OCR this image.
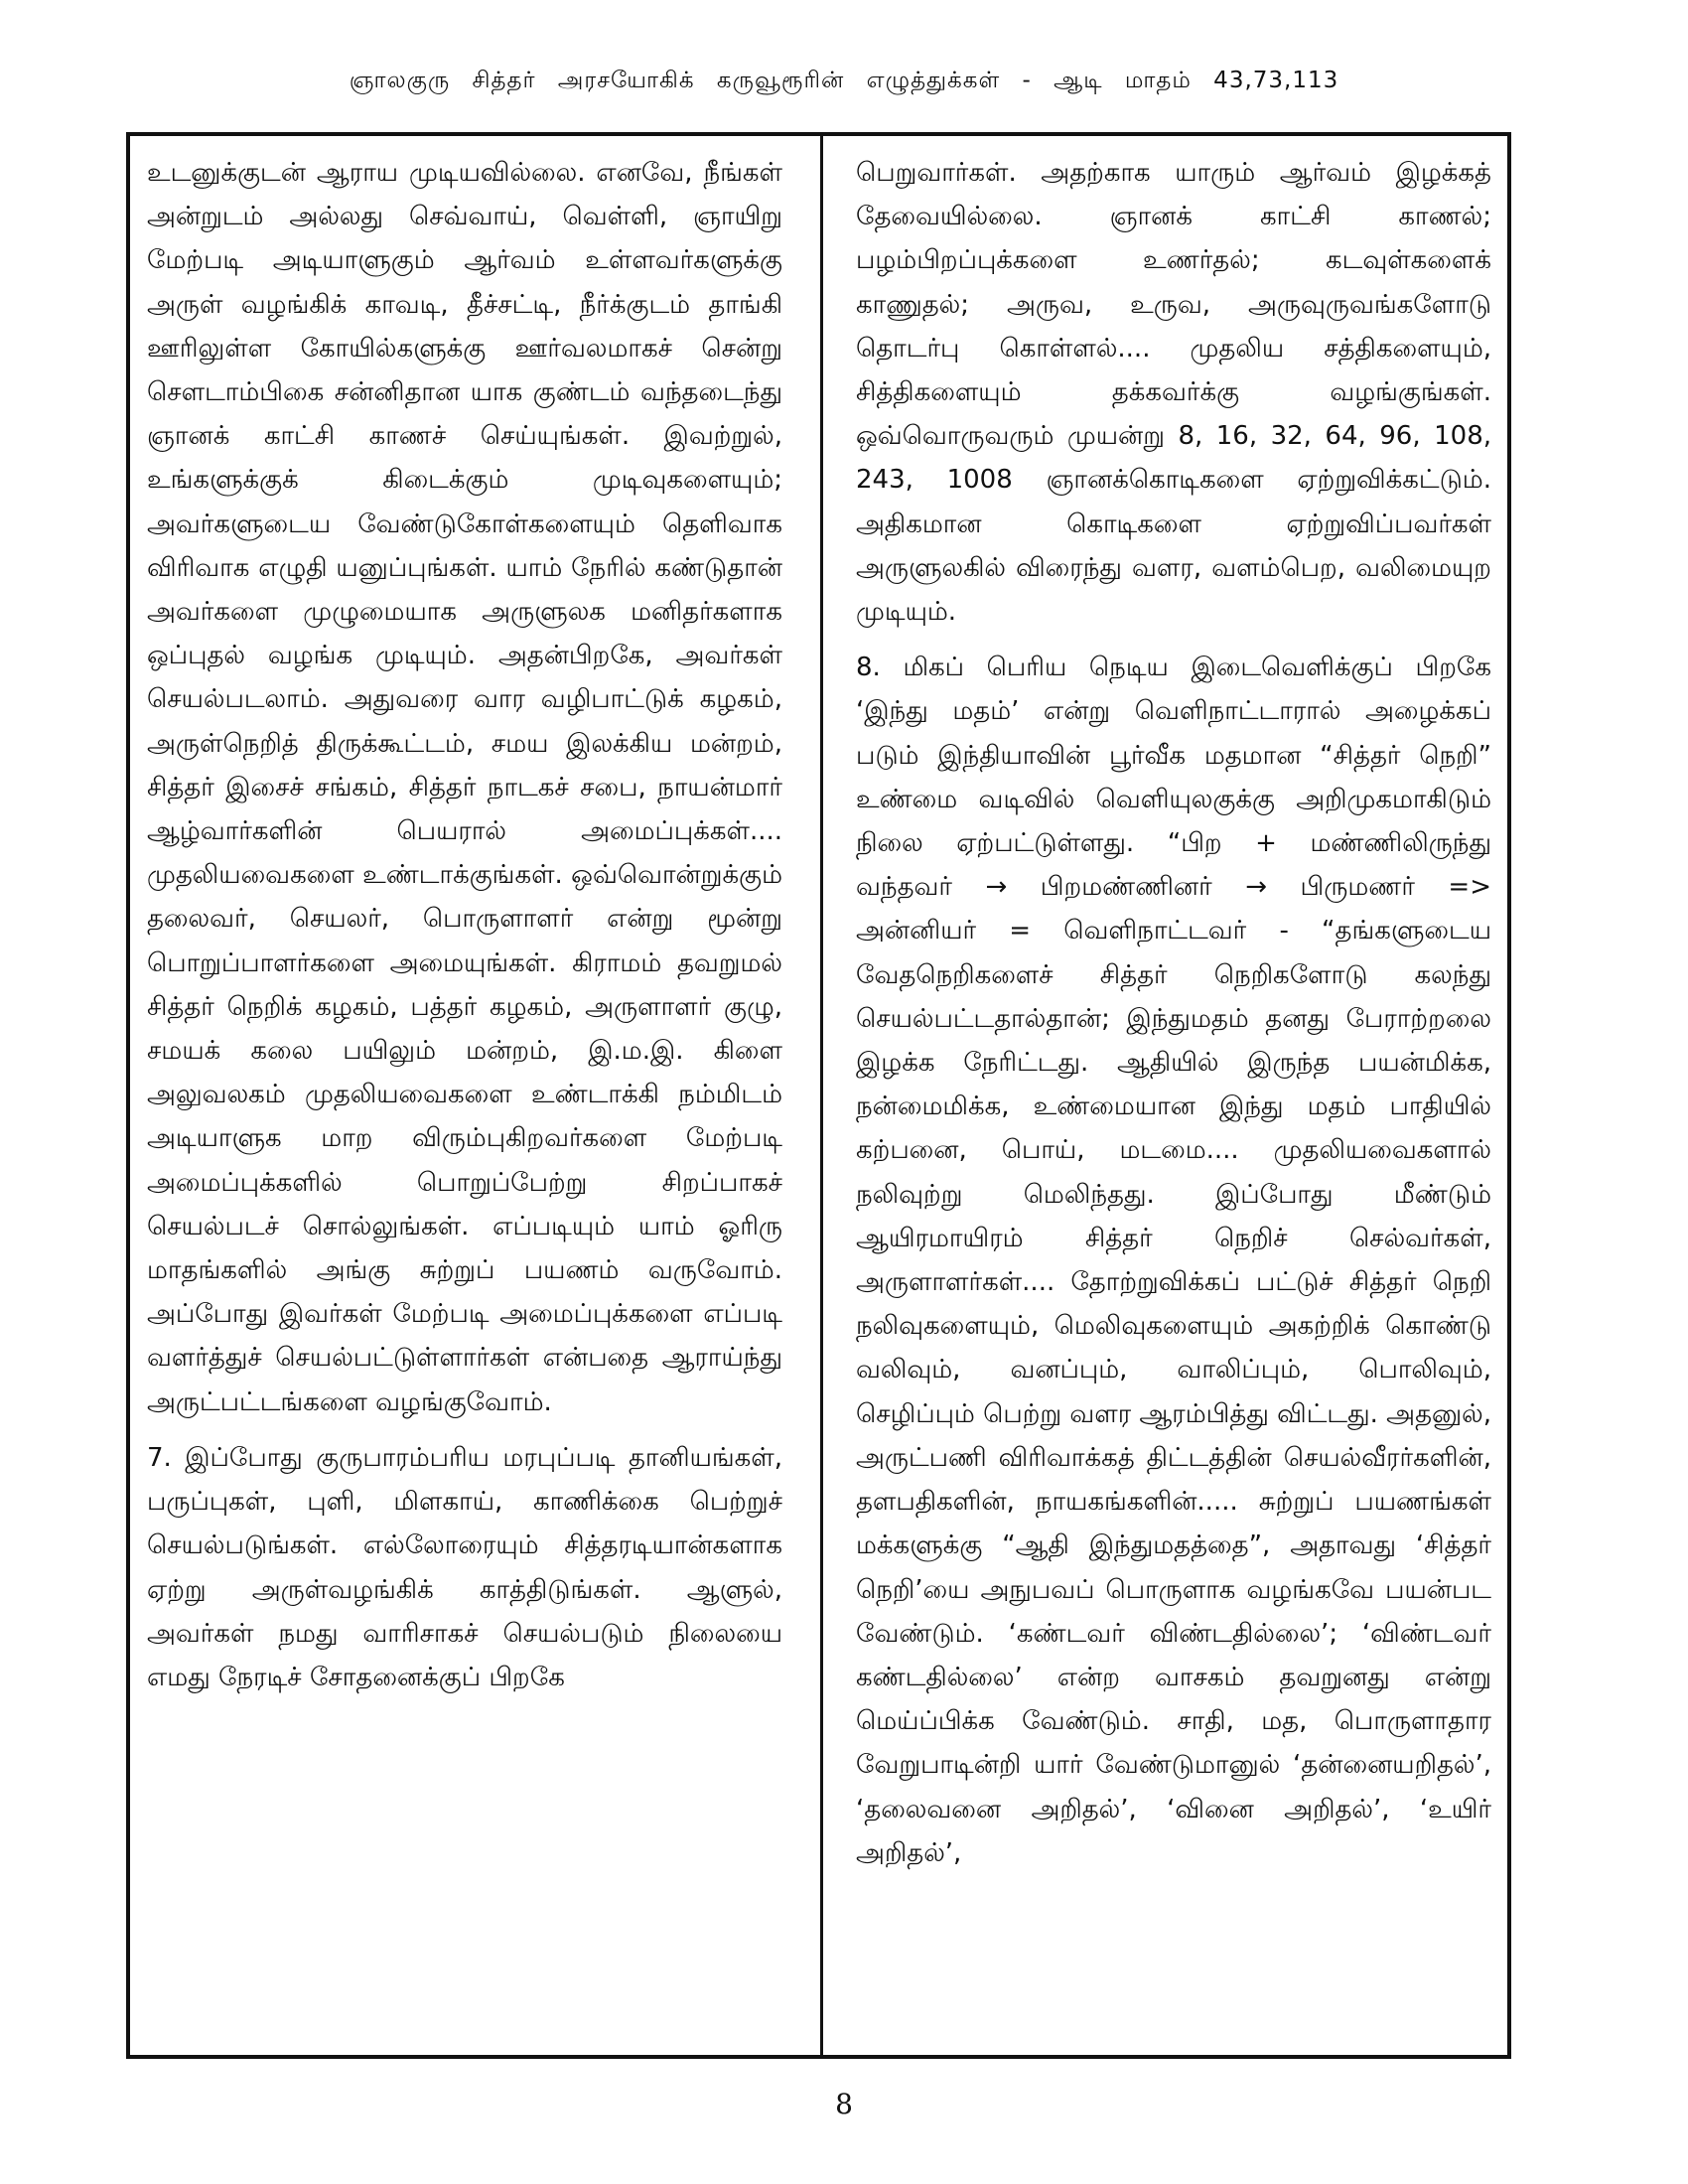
ஞாலகுரு சித்தர் அரசயோகிக் கருவூரூரின் எழுத்துக்கள் - ஆடி மாதம் 43,73,113

உடனுக்குடன் ஆராய முடியவில்லை. எனவே, நீங்கள் அன்றுடம் அல்லது செவ்வாய், வெள்ளி, ஞாயிறு மேற்படி அடியாளுகும் ஆர்வம் உள்ளவர்களுக்கு அருள் வழங்கிக் காவடி, தீச்சட்டி, நீர்க்குடம் தாங்கி ஊரிலுள்ள கோயில்களுக்கு ஊர்வலமாகச் சென்று சௌடாம்பிகை சன்னிதான யாக குண்டம் வந்தடைந்து ஞானக் காட்சி காணச் செய்யுங்கள். இவற்றுல், உங்களுக்குக் கிடைக்கும் முடிவுகளையும்; அவர்களுடைய வேண்டுகோள்களையும் தெளிவாக விரிவாக எழுதி யனுப்புங்கள். யாம் நேரில் கண்டுதான் அவர்களை முழுமையாக அருளுலக மனிதர்களாக ஒப்புதல் வழங்க முடியும். அதன்பிறகே, அவர்கள் செயல்படலாம். அதுவரை வார வழிபாட்டுக் கழகம், அருள்நெறித் திருக்கூட்டம், சமய இலக்கிய மன்றம், சித்தர் இசைச் சங்கம், சித்தர் நாடகச் சபை, நாயன்மார் ஆழ்வார்களின் பெயரால் அமைப்புக்கள்.... முதலியவைகளை உண்டாக்குங்கள். ஒவ்வொன்றுக்கும் தலைவர், செயலர், பொருளாளர் என்று மூன்று பொறுப்பாளர்களை அமையுங்கள். கிராமம் தவறுமல் சித்தர் நெறிக் கழகம், பத்தர் கழகம், அருளாளர் குழு, சமயக் கலை பயிலும் மன்றம், இ.ம.இ. கிளை அலுவலகம் முதலியவைகளை உண்டாக்கி நம்மிடம் அடியாளுக மாற விரும்புகிறவர்களை மேற்படி அமைப்புக்களில் பொறுப்பேற்று சிறப்பாகச் செயல்படச் சொல்லுங்கள். எப்படியும் யாம் ஓரிரு மாதங்களில் அங்கு சுற்றுப் பயணம் வருவோம். அப்போது இவர்கள் மேற்படி அமைப்புக்களை எப்படி வளர்த்துச் செயல்பட்டுள்ளார்கள் என்பதை ஆராய்ந்து அருட்பட்டங்களை வழங்குவோம்.

7. இப்போது குருபாரம்பரிய மரபுப்படி தானியங்கள், பருப்புகள், புளி, மிளகாய், காணிக்கை பெற்றுச் செயல்படுங்கள். எல்லோரையும் சித்தரடியான்களாக ஏற்று அருள்வழங்கிக் காத்திடுங்கள். ஆளுல், அவர்கள் நமது வாரிசாகச் செயல்படும் நிலையை எமது நேரடிச் சோதனைக்குப் பிறகே

பெறுவார்கள். அதற்காக யாரும் ஆர்வம் இழக்கத் தேவையில்லை. ஞானக் காட்சி காணல்; பழம்பிறப்புக்களை உணர்தல்; கடவுள்களைக் காணுதல்; அருவ, உருவ, அருவுருவங்களோடு தொடர்பு கொள்ளல்.... முதலிய சத்திகளையும், சித்திகளையும் தக்கவர்க்கு வழங்குங்கள். ஒவ்வொருவரும் முயன்று 8, 16, 32, 64, 96, 108, 243, 1008 ஞானக்கொடிகளை ஏற்றுவிக்கட்டும். அதிகமான கொடிகளை ஏற்றுவிப்பவர்கள் அருளுலகில் விரைந்து வளர, வளம்பெற, வலிமையுற முடியும்.

8. மிகப் பெரிய நெடிய இடைவெளிக்குப் பிறகே ‘இந்து மதம்’ என்று வெளிநாட்டாரால் அழைக்கப் படும் இந்தியாவின் பூர்வீக மதமான “சித்தர் நெறி” உண்மை வடிவில் வெளியுலகுக்கு அறிமுகமாகிடும் நிலை ஏற்பட்டுள்ளது. “பிற + மண்ணிலிருந்து வந்தவர் → பிறமண்ணினர் → பிருமணர் => அன்னியர் = வெளிநாட்டவர் - “தங்களுடைய வேதநெறிகளைச் சித்தர் நெறிகளோடு கலந்து செயல்பட்டதால்தான்; இந்துமதம் தனது பேராற்றலை இழக்க நேரிட்டது. ஆதியில் இருந்த பயன்மிக்க, நன்மைமிக்க, உண்மையான இந்து மதம் பாதியில் கற்பனை, பொய், மடமை.... முதலியவைகளால் நலிவுற்று மெலிந்தது. இப்போது மீண்டும் ஆயிரமாயிரம் சித்தர் நெறிச் செல்வர்கள், அருளாளர்கள்.... தோற்றுவிக்கப் பட்டுச் சித்தர் நெறி நலிவுகளையும், மெலிவுகளையும் அகற்றிக் கொண்டு வலிவும், வனப்பும், வாலிப்பும், பொலிவும், செழிப்பும் பெற்று வளர ஆரம்பித்து விட்டது. அதனுல், அருட்பணி விரிவாக்கத் திட்டத்தின் செயல்வீரர்களின், தளபதிகளின், நாயகங்களின்..... சுற்றுப் பயணங்கள் மக்களுக்கு “ஆதி இந்துமதத்தை”, அதாவது ‘சித்தர் நெறி’யை அநுபவப் பொருளாக வழங்கவே பயன்பட வேண்டும். ‘கண்டவர் விண்டதில்லை’; ‘விண்டவர் கண்டதில்லை’ என்ற வாசகம் தவறுனது என்று மெய்ப்பிக்க வேண்டும். சாதி, மத, பொருளாதார வேறுபாடின்றி யார் வேண்டுமானுல் ‘தன்னையறிதல்’, ‘தலைவனை அறிதல்’, ‘வினை அறிதல்’, ‘உயிர் அறிதல்’,

8
